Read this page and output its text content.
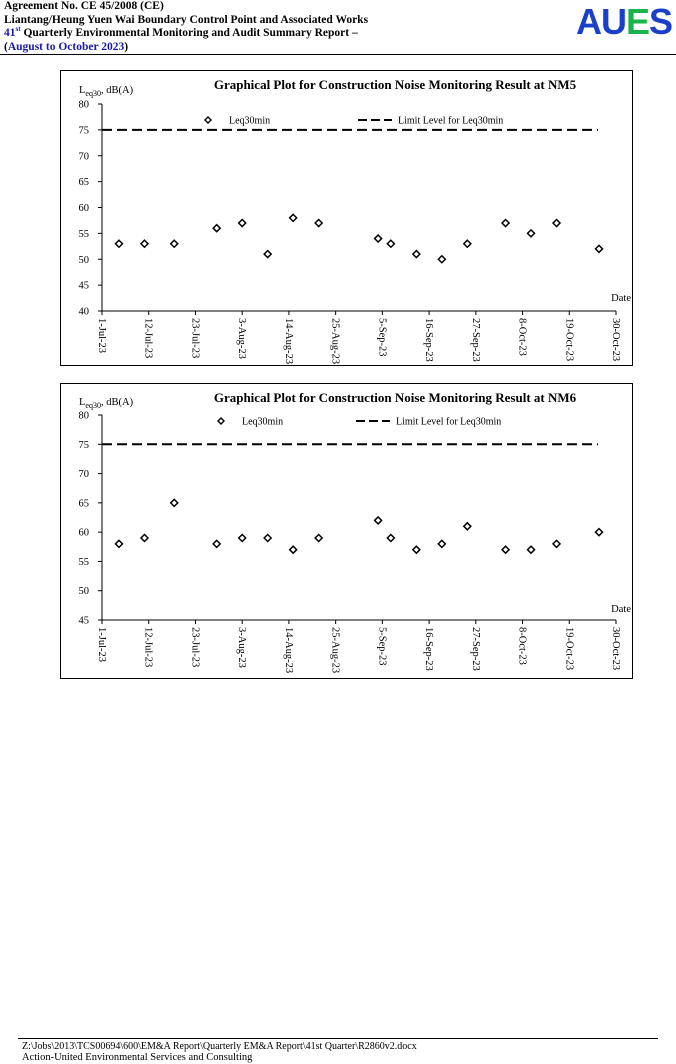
Agreement No. CE 45/2008 (CE)
Liantang/Heung Yuen Wai Boundary Control Point and Associated Works
41st Quarterly Environmental Monitoring and Audit Summary Report –
(August to October 2023)
AUES
40
45
50
55
60
65
70
75
80
1-Jul-23	12-Jul-23	23-Jul-23	3-Aug-23	14-Aug-23	25-Aug-23	5-Sep-23	16-Sep-23	27-Sep-23	8-Oct-23	19-Oct-23	30-Oct-23
Graphical Plot for Construction Noise Monitoring Result at NM5
$L_{eq30}$, dB(A)
Date
Leq30min	Limit Level for Leq30min
45
50
55
60
65
70
75
80
1-Jul-23	12-Jul-23	23-Jul-23	3-Aug-23	14-Aug-23	25-Aug-23	5-Sep-23	16-Sep-23	27-Sep-23	8-Oct-23	19-Oct-23	30-Oct-23
Graphical Plot for Construction Noise Monitoring Result at NM6
$L_{eq30}$, dB(A)
Date
Leq30min	Limit Level for Leq30min
Z:\Jobs\2013\TCS00694\600\EM&A Report\Quarterly EM&A Report\41st Quarter\R2860v2.docx
Action-United Environmental Services and Consulting
